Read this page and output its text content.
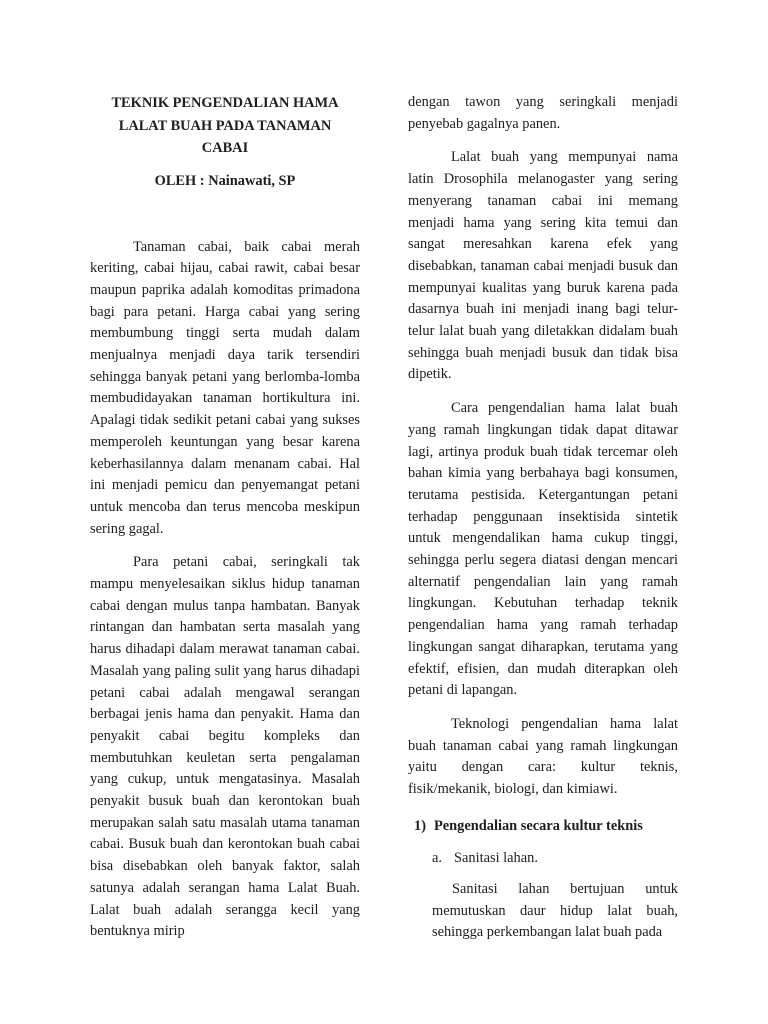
TEKNIK PENGENDALIAN HAMA LALAT BUAH PADA TANAMAN CABAI

OLEH : Nainawati, SP

Tanaman cabai, baik cabai merah keriting, cabai hijau, cabai rawit, cabai besar maupun paprika adalah komoditas primadona bagi para petani. Harga cabai yang sering membumbung tinggi serta mudah dalam menjualnya menjadi daya tarik tersendiri sehingga banyak petani yang berlomba-lomba membudidayakan tanaman hortikultura ini. Apalagi tidak sedikit petani cabai yang sukses memperoleh keuntungan yang besar karena keberhasilannya dalam menanam cabai. Hal ini menjadi pemicu dan penyemangat petani untuk mencoba dan terus mencoba meskipun sering gagal.

Para petani cabai, seringkali tak mampu menyelesaikan siklus hidup tanaman cabai dengan mulus tanpa hambatan. Banyak rintangan dan hambatan serta masalah yang harus dihadapi dalam merawat tanaman cabai. Masalah yang paling sulit yang harus dihadapi petani cabai adalah mengawal serangan berbagai jenis hama dan penyakit. Hama dan penyakit cabai begitu kompleks dan membutuhkan keuletan serta pengalaman yang cukup, untuk mengatasinya. Masalah penyakit busuk buah dan kerontokan buah merupakan salah satu masalah utama tanaman cabai. Busuk buah dan kerontokan buah cabai bisa disebabkan oleh banyak faktor, salah satunya adalah serangan hama Lalat Buah. Lalat buah adalah serangga kecil yang bentuknya mirip

dengan tawon yang seringkali menjadi penyebab gagalnya panen.

Lalat buah yang mempunyai nama latin Drosophila melanogaster yang sering menyerang tanaman cabai ini memang menjadi hama yang sering kita temui dan sangat meresahkan karena efek yang disebabkan, tanaman cabai menjadi busuk dan mempunyai kualitas yang buruk karena pada dasarnya buah ini menjadi inang bagi telur-telur lalat buah yang diletakkan didalam buah sehingga buah menjadi busuk dan tidak bisa dipetik.

Cara pengendalian hama lalat buah yang ramah lingkungan tidak dapat ditawar lagi, artinya produk buah tidak tercemar oleh bahan kimia yang berbahaya bagi konsumen, terutama pestisida. Ketergantungan petani terhadap penggunaan insektisida sintetik untuk mengendalikan hama cukup tinggi, sehingga perlu segera diatasi dengan mencari alternatif pengendalian lain yang ramah lingkungan. Kebutuhan terhadap teknik pengendalian hama yang ramah terhadap lingkungan sangat diharapkan, terutama yang efektif, efisien, dan mudah diterapkan oleh petani di lapangan.

Teknologi pengendalian hama lalat buah tanaman cabai yang ramah lingkungan yaitu dengan cara: kultur teknis, fisik/mekanik, biologi, dan kimiawi.

1) Pengendalian secara kultur teknis

a. Sanitasi lahan.

Sanitasi lahan bertujuan untuk memutuskan daur hidup lalat buah, sehingga perkembangan lalat buah pada
